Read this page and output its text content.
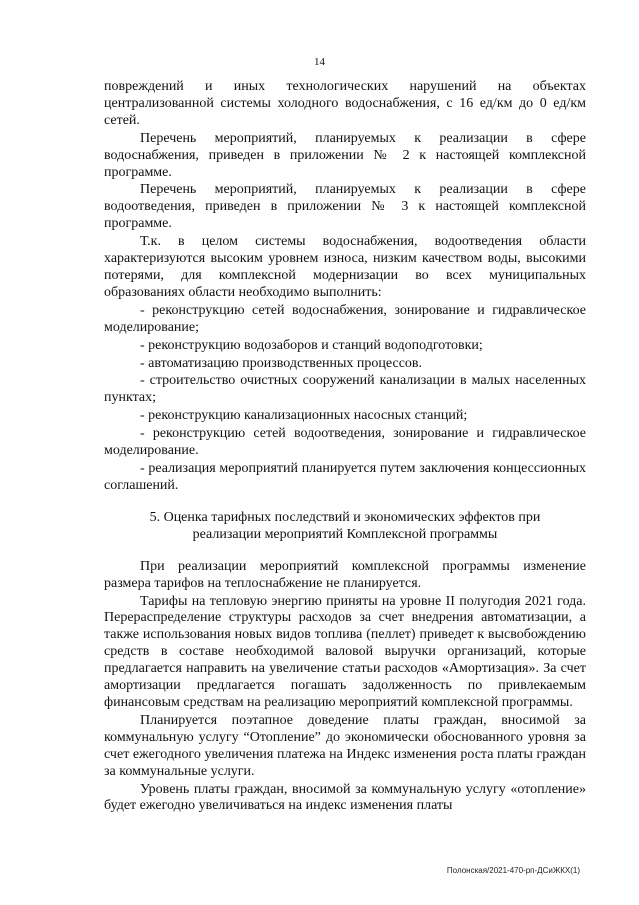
14

повреждений и иных технологических нарушений на объектах централизованной системы холодного водоснабжения, с 16 ед/км до 0 ед/км сетей.

Перечень мероприятий, планируемых к реализации в сфере водоснабжения, приведен в приложении № 2 к настоящей комплексной программе.

Перечень мероприятий, планируемых к реализации в сфере водоотведения, приведен в приложении № 3 к настоящей комплексной программе.

Т.к. в целом системы водоснабжения, водоотведения области характеризуются высоким уровнем износа, низким качеством воды, высокими потерями, для комплексной модернизации во всех муниципальных образованиях области необходимо выполнить:

- реконструкцию сетей водоснабжения, зонирование и гидравлическое моделирование;

- реконструкцию водозаборов и станций водоподготовки;

- автоматизацию производственных процессов.

- строительство очистных сооружений канализации в малых населенных пунктах;

- реконструкцию канализационных насосных станций;

- реконструкцию сетей водоотведения, зонирование и гидравлическое моделирование.

- реализация мероприятий планируется путем заключения концессионных соглашений.

5. Оценка тарифных последствий и экономических эффектов при
реализации мероприятий Комплексной программы

При реализации мероприятий комплексной программы изменение размера тарифов на теплоснабжение не планируется.

Тарифы на тепловую энергию приняты на уровне II полугодия 2021 года. Перераспределение структуры расходов за счет внедрения автоматизации, а также использования новых видов топлива (пеллет) приведет к высвобождению средств в составе необходимой валовой выручки организаций, которые предлагается направить на увеличение статьи расходов «Амортизация». За счет амортизации предлагается погашать задолженность по привлекаемым финансовым средствам на реализацию мероприятий комплексной программы.

Планируется поэтапное доведение платы граждан, вносимой за коммунальную услугу “Отопление” до экономически обоснованного уровня за счет ежегодного увеличения платежа на Индекс изменения роста платы граждан за коммунальные услуги.

Уровень платы граждан, вносимой за коммунальную услугу «отопление» будет ежегодно увеличиваться на индекс изменения платы

Полонская/2021-470-рп-ДСиЖКХ(1)
